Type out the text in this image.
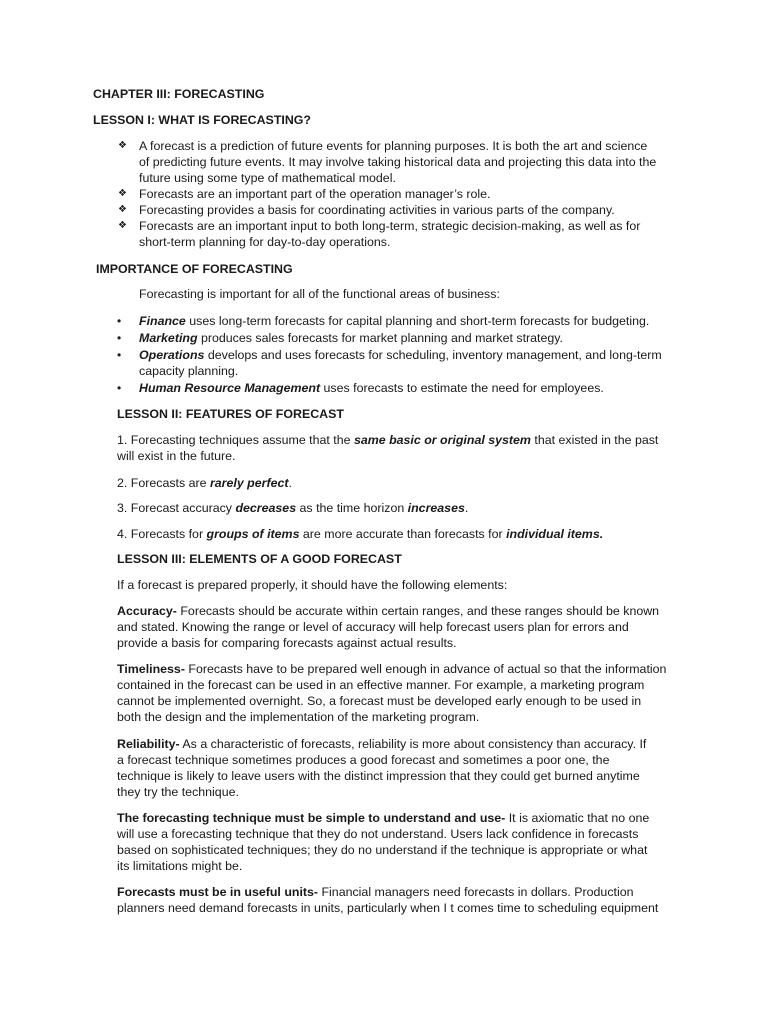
CHAPTER III: FORECASTING
LESSON I: WHAT IS FORECASTING?
❖ A forecast is a prediction of future events for planning purposes. It is both the art and science
of predicting future events. It may involve taking historical data and projecting this data into the
future using some type of mathematical model.
❖ Forecasts are an important part of the operation manager’s role.
❖ Forecasting provides a basis for coordinating activities in various parts of the company.
❖ Forecasts are an important input to both long-term, strategic decision-making, as well as for
short-term planning for day-to-day operations.
IMPORTANCE OF FORECASTING
Forecasting is important for all of the functional areas of business:
• Finance uses long-term forecasts for capital planning and short-term forecasts for budgeting.
• Marketing produces sales forecasts for market planning and market strategy.
• Operations develops and uses forecasts for scheduling, inventory management, and long-term
capacity planning.
• Human Resource Management uses forecasts to estimate the need for employees.
LESSON II: FEATURES OF FORECAST
1. Forecasting techniques assume that the same basic or original system that existed in the past
will exist in the future.
2. Forecasts are rarely perfect.
3. Forecast accuracy decreases as the time horizon increases.
4. Forecasts for groups of items are more accurate than forecasts for individual items.
LESSON III: ELEMENTS OF A GOOD FORECAST
If a forecast is prepared properly, it should have the following elements:
Accuracy- Forecasts should be accurate within certain ranges, and these ranges should be known
and stated. Knowing the range or level of accuracy will help forecast users plan for errors and
provide a basis for comparing forecasts against actual results.
Timeliness- Forecasts have to be prepared well enough in advance of actual so that the information
contained in the forecast can be used in an effective manner. For example, a marketing program
cannot be implemented overnight. So, a forecast must be developed early enough to be used in
both the design and the implementation of the marketing program.
Reliability- As a characteristic of forecasts, reliability is more about consistency than accuracy. If
a forecast technique sometimes produces a good forecast and sometimes a poor one, the
technique is likely to leave users with the distinct impression that they could get burned anytime
they try the technique.
The forecasting technique must be simple to understand and use- It is axiomatic that no one
will use a forecasting technique that they do not understand. Users lack confidence in forecasts
based on sophisticated techniques; they do no understand if the technique is appropriate or what
its limitations might be.
Forecasts must be in useful units- Financial managers need forecasts in dollars. Production
planners need demand forecasts in units, particularly when I t comes time to scheduling equipment
